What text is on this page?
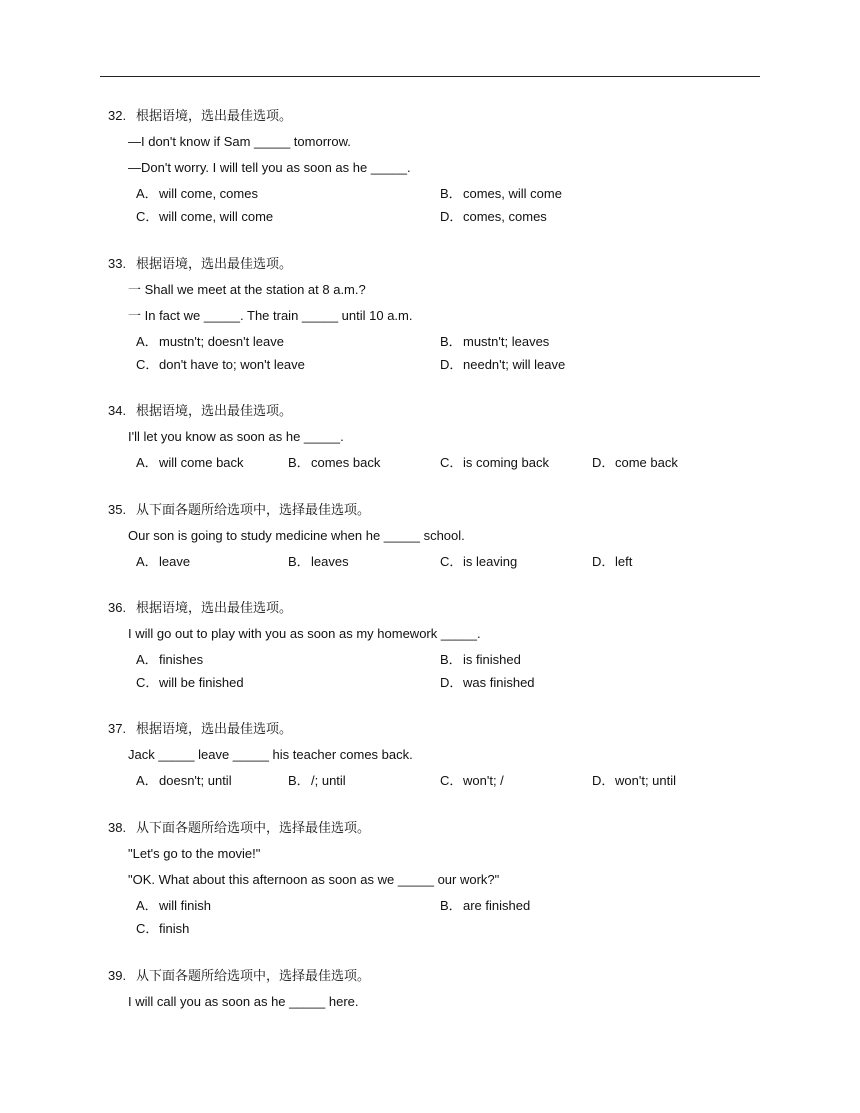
32. 根据语境，选出最佳选项。
—I don't know if Sam _____ tomorrow.
—Don't worry. I will tell you as soon as he _____.
A．will come, comes	B．comes, will come
C．will come, will come	D．comes, comes
33. 根据语境，选出最佳选项。
一 Shall we meet at the station at 8 a.m.?
一 In fact we _____. The train _____ until 10 a.m.
A．mustn't; doesn't leave	B．mustn't; leaves
C．don't have to; won't leave	D．needn't; will leave
34. 根据语境，选出最佳选项。
I'll let you know as soon as he _____.
A．will come back	B．comes back	C．is coming back	D．come back
35. 从下面各题所给选项中，选择最佳选项。
Our son is going to study medicine when he _____ school.
A．leave	B．leaves	C．is leaving	D．left
36. 根据语境，选出最佳选项。
I will go out to play with you as soon as my homework _____.
A．finishes	B．is finished
C．will be finished	D．was finished
37. 根据语境，选出最佳选项。
Jack _____ leave _____ his teacher comes back.
A．doesn't; until	B．/; until	C．won't; /	D．won't; until
38. 从下面各题所给选项中，选择最佳选项。
"Let's go to the movie!"
"OK. What about this afternoon as soon as we _____ our work?"
A．will finish	B．are finished
C．finish
39. 从下面各题所给选项中，选择最佳选项。
I will call you as soon as he _____ here.
